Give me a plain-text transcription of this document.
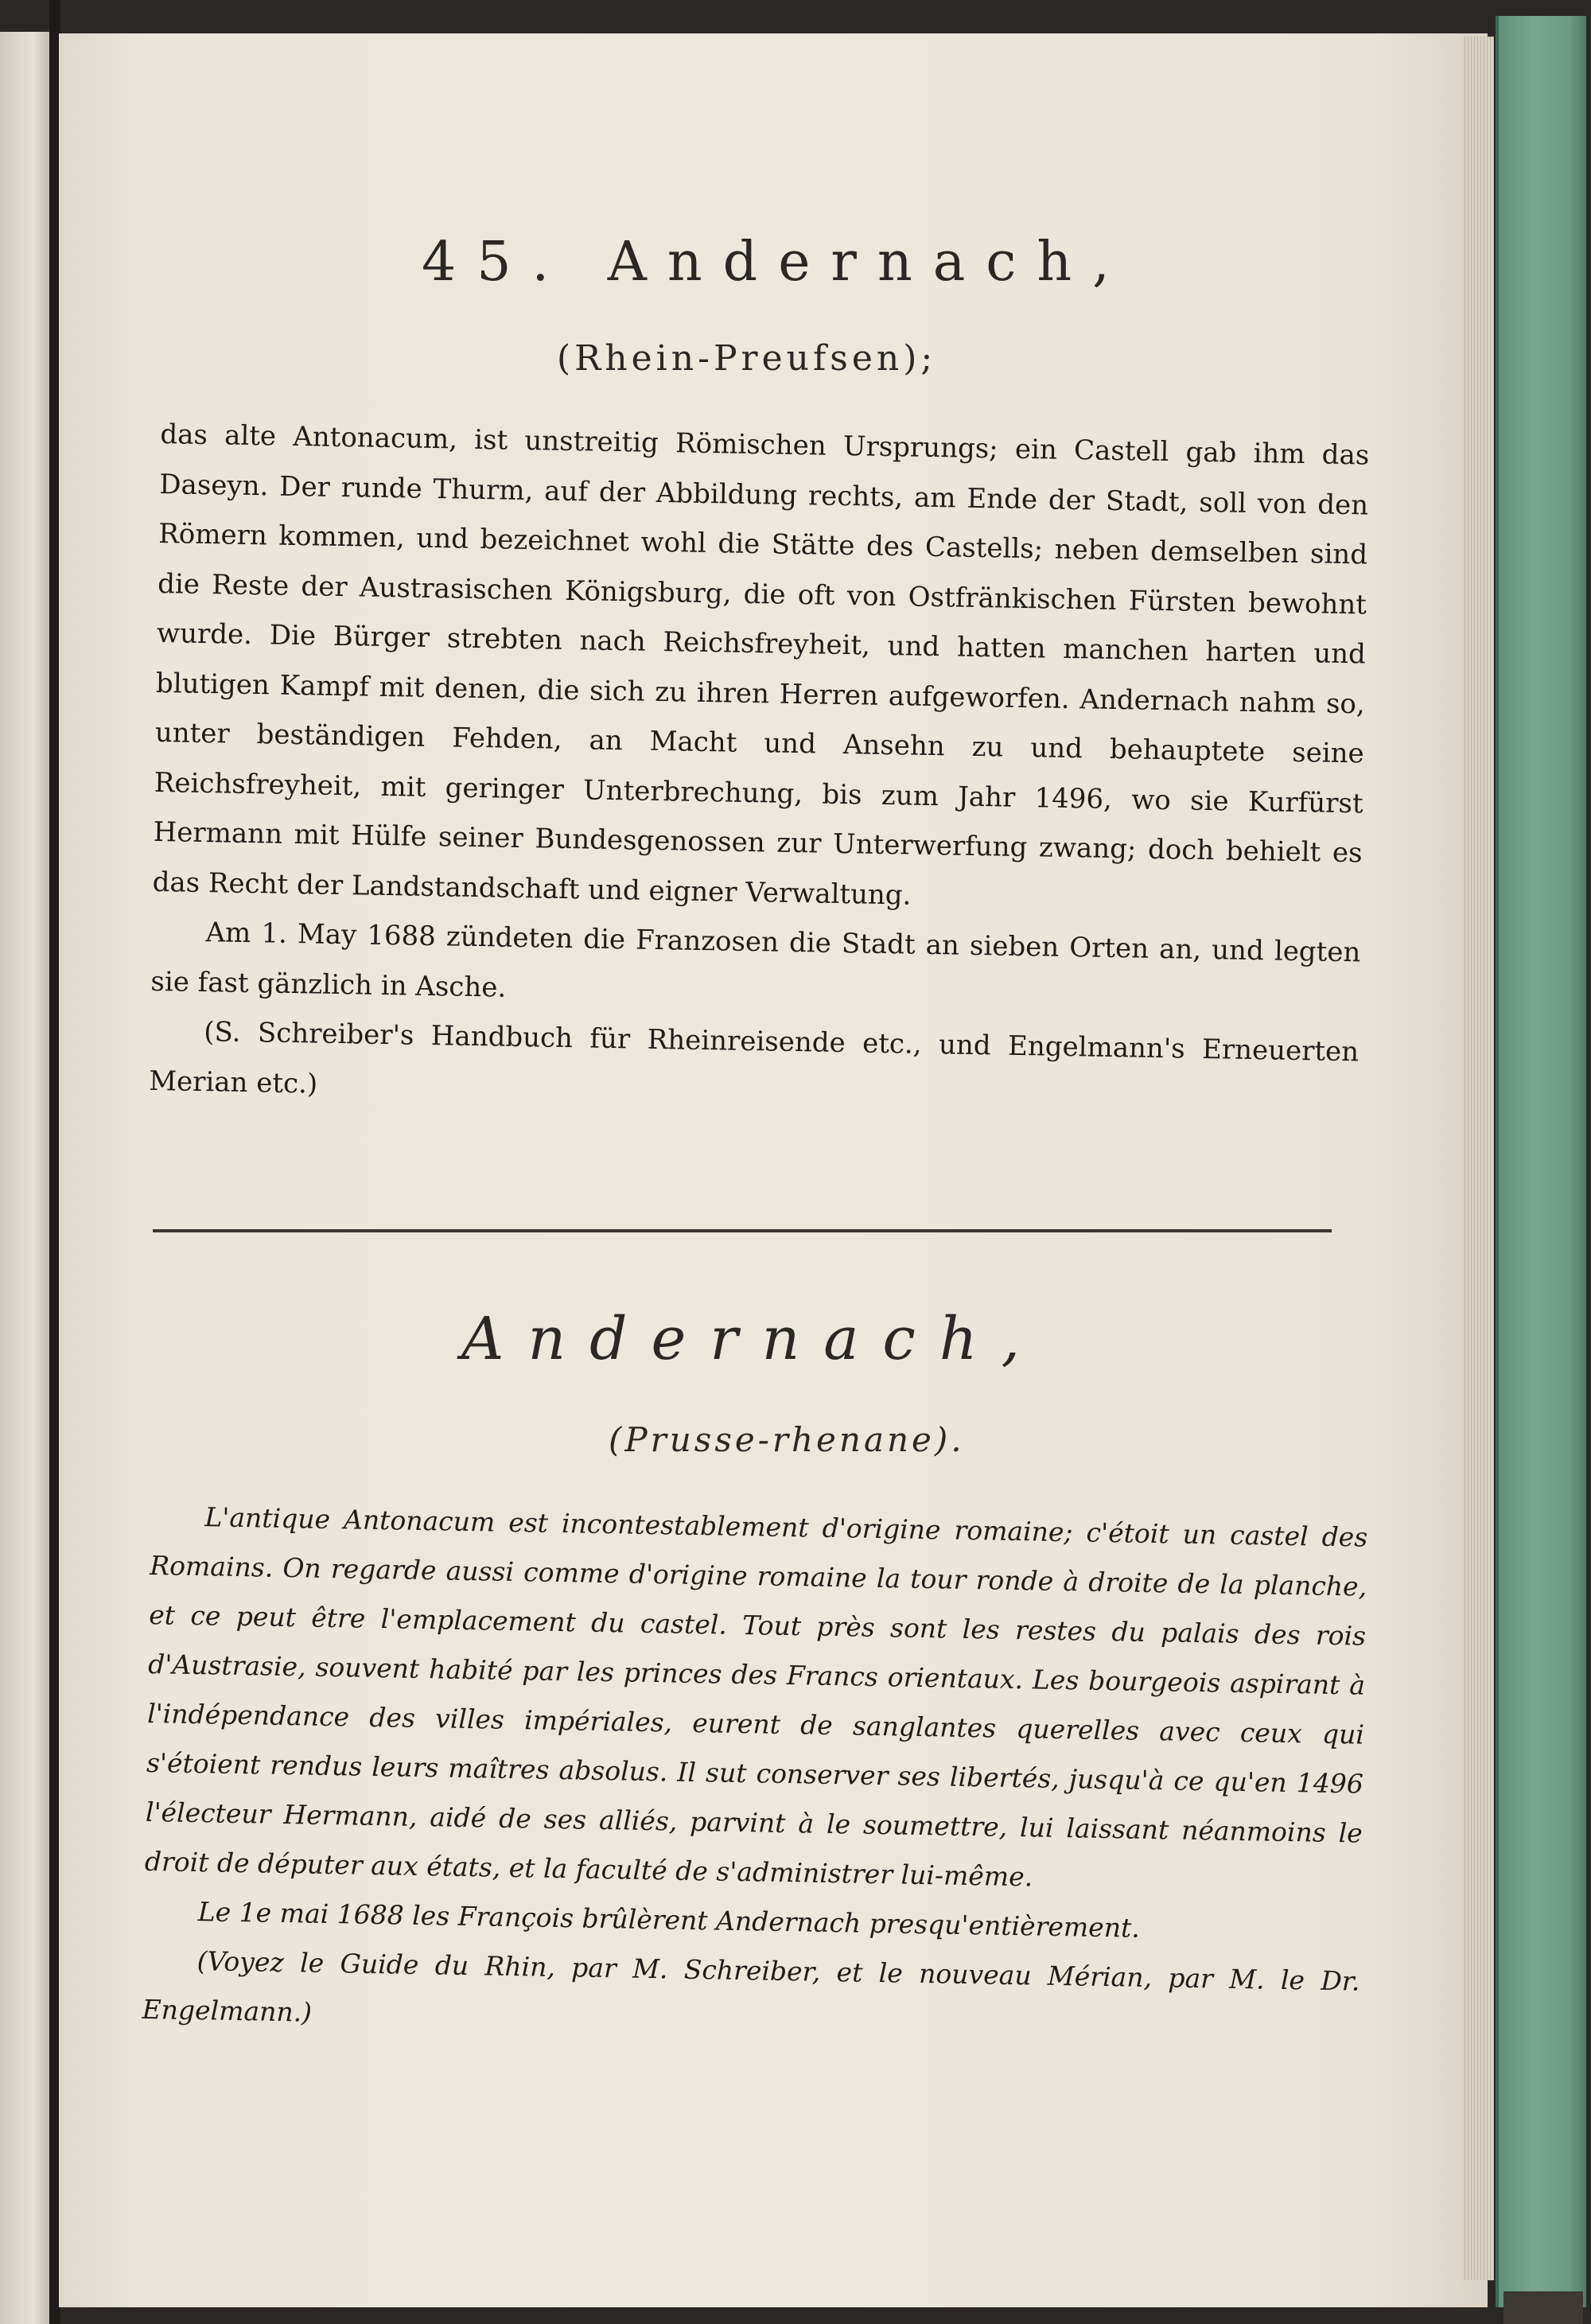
45. Andernach,
(Rhein-Preufsen);

das alte Antonacum, ist unstreitig Römischen Ursprungs; ein Castell gab ihm das Daseyn. Der runde Thurm, auf der Abbildung rechts, am Ende der Stadt, soll von den Römern kommen, und bezeichnet wohl die Stätte des Castells; neben demselben sind die Reste der Austrasischen Königsburg, die oft von Ostfränkischen Fürsten bewohnt wurde. Die Bürger strebten nach Reichsfreyheit, und hatten manchen harten und blutigen Kampf mit denen, die sich zu ihren Herren aufgeworfen. Andernach nahm so, unter beständigen Fehden, an Macht und Ansehn zu und behauptete seine Reichsfreyheit, mit geringer Unterbrechung, bis zum Jahr 1496, wo sie Kurfürst Hermann mit Hülfe seiner Bundesgenossen zur Unterwerfung zwang; doch behielt es das Recht der Landstandschaft und eigner Verwaltung.

Am 1. May 1688 zündeten die Franzosen die Stadt an sieben Orten an, und legten sie fast gänzlich in Asche.

(S. Schreiber's Handbuch für Rheinreisende etc., und Engelmann's Erneuerten Merian etc.)

Andernach,
(Prusse-rhenane).

L'antique Antonacum est incontestablement d'origine romaine; c'étoit un castel des Romains. On regarde aussi comme d'origine romaine la tour ronde à droite de la planche, et ce peut être l'emplacement du castel. Tout près sont les restes du palais des rois d'Austrasie, souvent habité par les princes des Francs orientaux. Les bourgeois aspirant à l'indépendance des villes impériales, eurent de sanglantes querelles avec ceux qui s'étoient rendus leurs maîtres absolus. Il sut conserver ses libertés, jusqu'à ce qu'en 1496 l'électeur Hermann, aidé de ses alliés, parvint à le soumettre, lui laissant néanmoins le droit de députer aux états, et la faculté de s'administrer lui-même.

Le 1e mai 1688 les François brûlèrent Andernach presqu'entièrement.

(Voyez le Guide du Rhin, par M. Schreiber, et le nouveau Mérian, par M. le Dr. Engelmann.)
